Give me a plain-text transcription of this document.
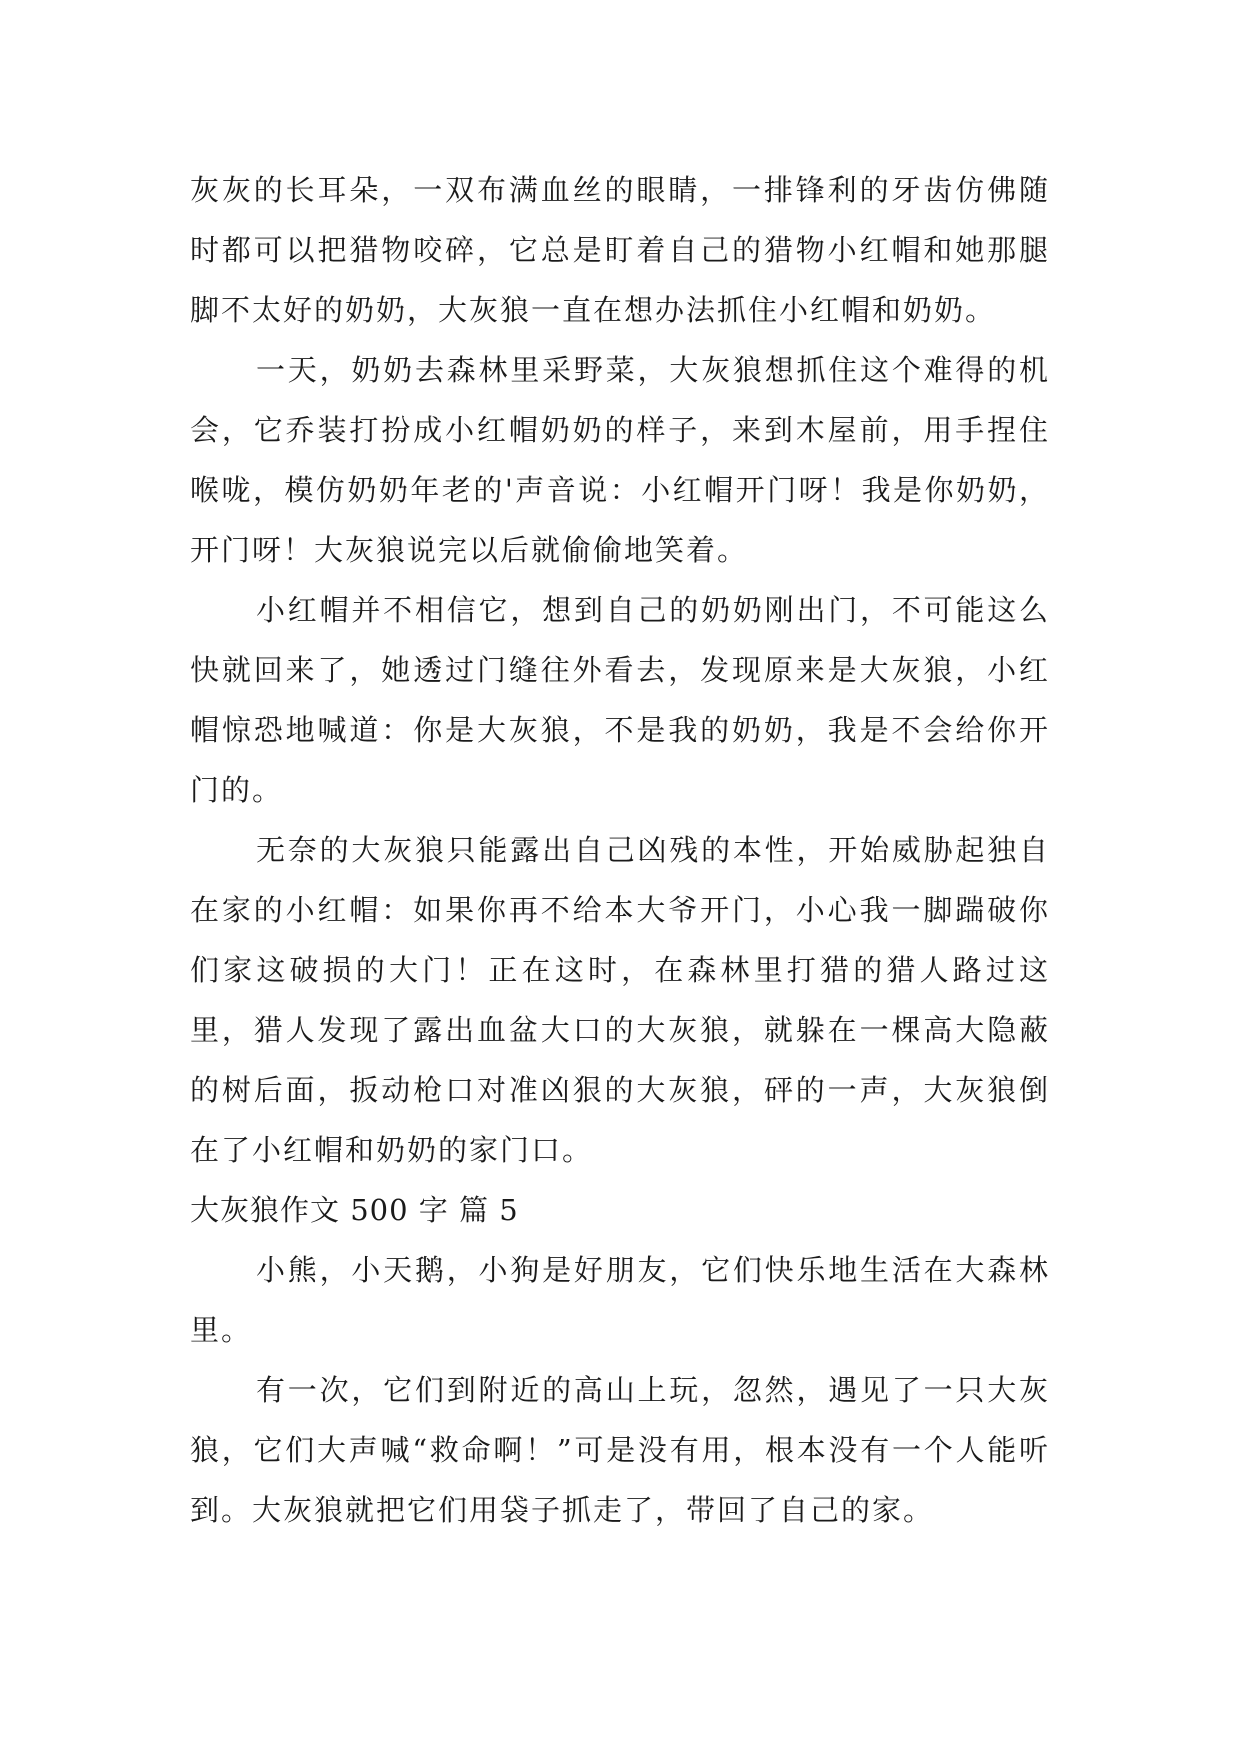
灰灰的长耳朵，一双布满血丝的眼睛，一排锋利的牙齿仿佛随时都可以把猎物咬碎，它总是盯着自己的猎物小红帽和她那腿脚不太好的奶奶，大灰狼一直在想办法抓住小红帽和奶奶。

一天，奶奶去森林里采野菜，大灰狼想抓住这个难得的机会，它乔装打扮成小红帽奶奶的样子，来到木屋前，用手捏住喉咙，模仿奶奶年老的'声音说：小红帽开门呀！我是你奶奶，开门呀！大灰狼说完以后就偷偷地笑着。

小红帽并不相信它，想到自己的奶奶刚出门，不可能这么快就回来了，她透过门缝往外看去，发现原来是大灰狼，小红帽惊恐地喊道：你是大灰狼，不是我的奶奶，我是不会给你开门的。

无奈的大灰狼只能露出自己凶残的本性，开始威胁起独自在家的小红帽：如果你再不给本大爷开门，小心我一脚踹破你们家这破损的大门！正在这时，在森林里打猎的猎人路过这里，猎人发现了露出血盆大口的大灰狼，就躲在一棵高大隐蔽的树后面，扳动枪口对准凶狠的大灰狼，砰的一声，大灰狼倒在了小红帽和奶奶的家门口。

大灰狼作文 500 字 篇 5

小熊，小天鹅，小狗是好朋友，它们快乐地生活在大森林里。

有一次，它们到附近的高山上玩，忽然，遇见了一只大灰狼，它们大声喊“救命啊！”可是没有用，根本没有一个人能听到。大灰狼就把它们用袋子抓走了，带回了自己的家。
